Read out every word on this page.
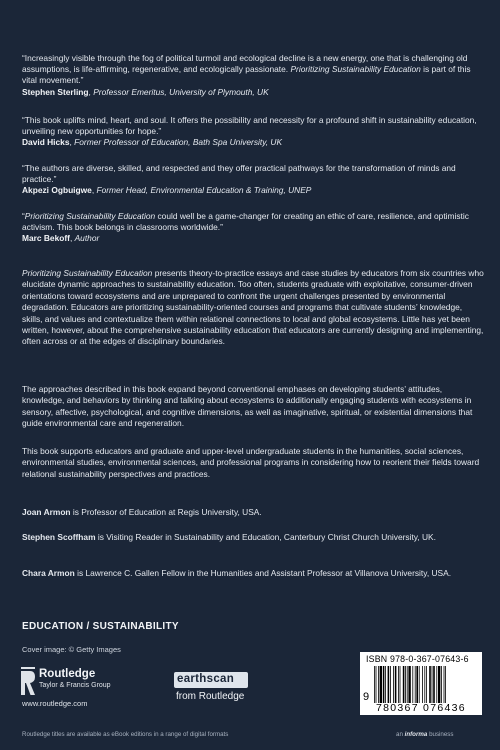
“Increasingly visible through the fog of political turmoil and ecological decline is a new energy, one that is challenging old assumptions, is life-affirming, regenerative, and ecologically passionate. Prioritizing Sustainability Education is part of this vital movement.”

Stephen Sterling, Professor Emeritus, University of Plymouth, UK

“This book uplifts mind, heart, and soul. It offers the possibility and necessity for a profound shift in sustainability education, unveiling new opportunities for hope.”

David Hicks, Former Professor of Education, Bath Spa University, UK

“The authors are diverse, skilled, and respected and they offer practical pathways for the transformation of minds and practice.”

Akpezi Ogbuigwe, Former Head, Environmental Education & Training, UNEP

“Prioritizing Sustainability Education could well be a game-changer for creating an ethic of care, resilience, and optimistic activism. This book belongs in classrooms worldwide.”

Marc Bekoff, Author

Prioritizing Sustainability Education presents theory-to-practice essays and case studies by educators from six countries who elucidate dynamic approaches to sustainability education. Too often, students graduate with exploitative, consumer-driven orientations toward ecosystems and are unprepared to confront the urgent challenges presented by environmental degradation. Educators are prioritizing sustainability-oriented courses and programs that cultivate students’ knowledge, skills, and values and contextualize them within relational connections to local and global ecosystems. Little has yet been written, however, about the comprehensive sustainability education that educators are currently designing and implementing, often across or at the edges of disciplinary boundaries.

The approaches described in this book expand beyond conventional emphases on developing students’ attitudes, knowledge, and behaviors by thinking and talking about ecosystems to additionally engaging students with ecosystems in sensory, affective, psychological, and cognitive dimensions, as well as imaginative, spiritual, or existential dimensions that guide environmental care and regeneration.

This book supports educators and graduate and upper-level undergraduate students in the humanities, social sciences, environmental studies, environmental sciences, and professional programs in considering how to reorient their fields toward relational sustainability perspectives and practices.

Joan Armon is Professor of Education at Regis University, USA.

Stephen Scoffham is Visiting Reader in Sustainability and Education, Canterbury Christ Church University, UK.

Chara Armon is Lawrence C. Gallen Fellow in the Humanities and Assistant Professor at Villanova University, USA.

EDUCATION / SUSTAINABILITY
Cover image: © Getty Images
Routledge
Taylor & Francis Group
www.routledge.com
earthscan
from Routledge
ISBN 978-0-367-07643-6
9
780367 076436
Routledge titles are available as eBook editions in a range of digital formats	an informa business
